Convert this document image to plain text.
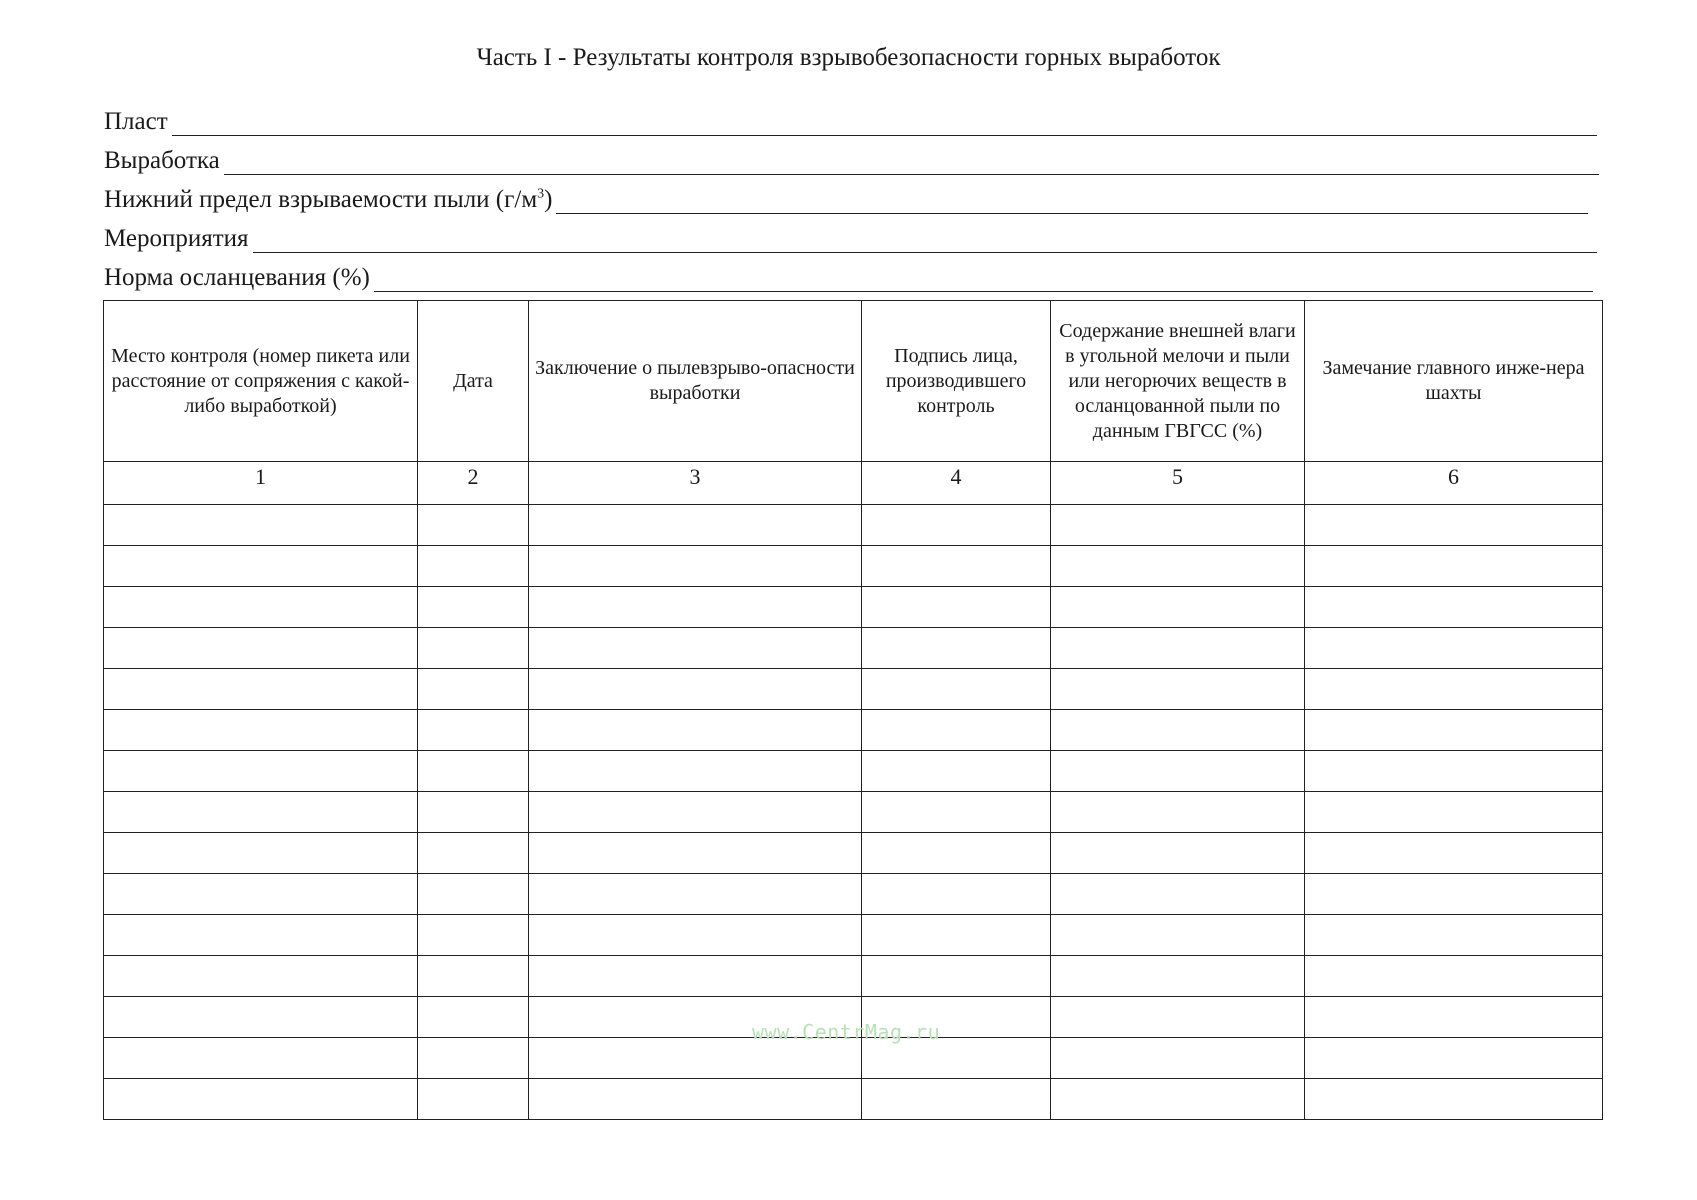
Часть I - Результаты контроля взрывобезопасности горных выработок
Пласт
Выработка
Нижний предел взрываемости пыли $(г/м^3)$
Мероприятия
Норма осланцевания (%)
Место контроля (номер пикета или расстояние от сопряжения с какой-либо выработкой)	Дата	Заключение о пылевзрыво-опасности выработки	Подпись лица, производившего контроль	Содержание внешней влаги в угольной мелочи и пыли или негорючих веществ в осланцованной пыли по данным ГВГСС (%)	Замечание главного инже-нера шахты
1	2	3	4	5	6

www.CentrMag.ru
